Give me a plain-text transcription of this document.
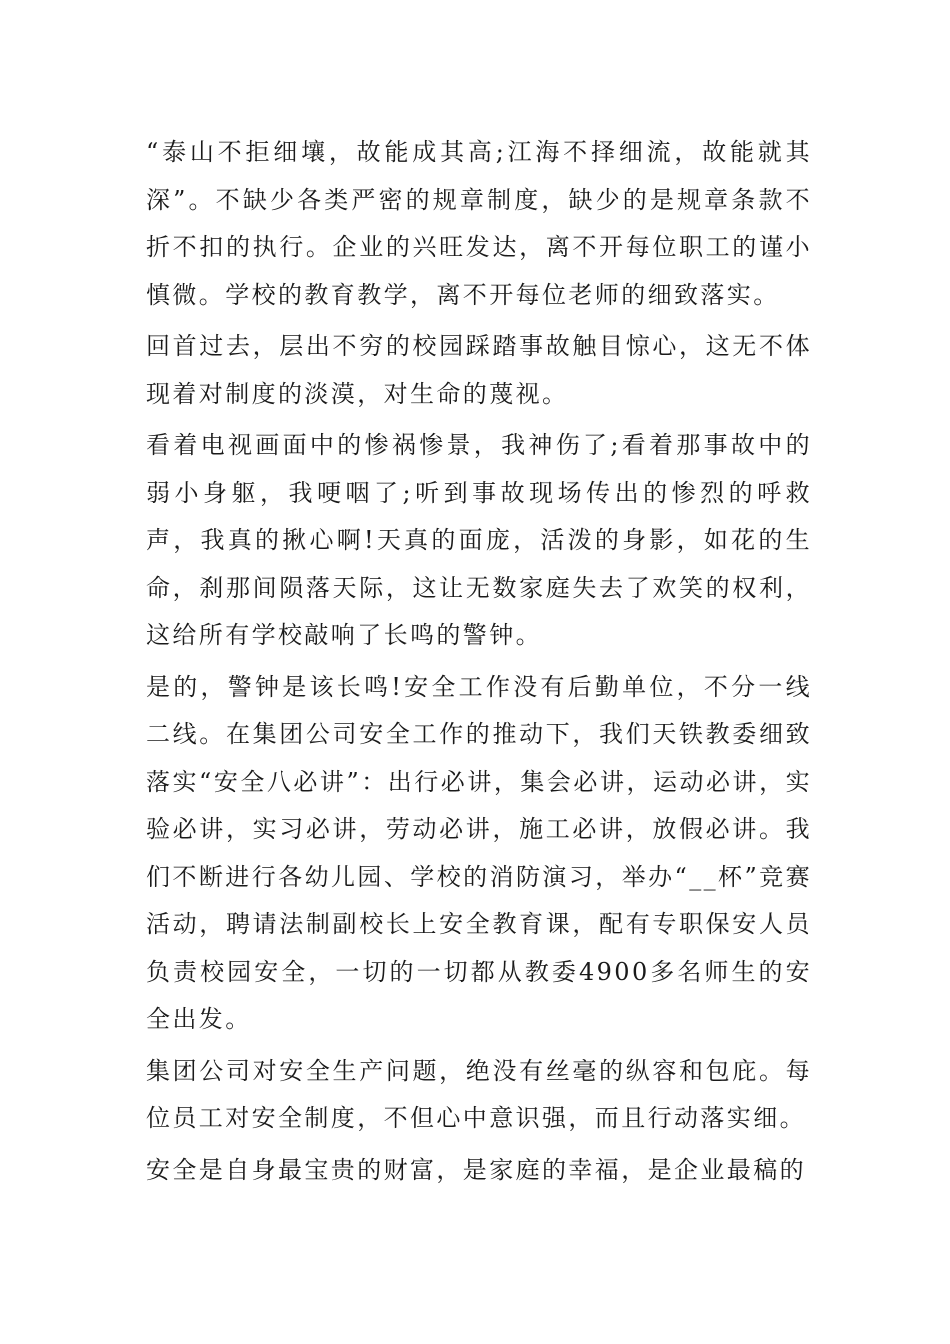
“泰山不拒细壤，故能成其高;江海不择细流，故能就其深”。不缺少各类严密的规章制度，缺少的是规章条款不折不扣的执行。企业的兴旺发达，离不开每位职工的谨小慎微。学校的教育教学，离不开每位老师的细致落实。

回首过去，层出不穷的校园踩踏事故触目惊心，这无不体现着对制度的淡漠，对生命的蔑视。

看着电视画面中的惨祸惨景，我神伤了;看着那事故中的弱小身躯，我哽咽了;听到事故现场传出的惨烈的呼救声，我真的揪心啊!天真的面庞，活泼的身影，如花的生命，刹那间陨落天际，这让无数家庭失去了欢笑的权利，这给所有学校敲响了长鸣的警钟。

是的，警钟是该长鸣!安全工作没有后勤单位，不分一线二线。在集团公司安全工作的推动下，我们天铁教委细致落实“安全八必讲”：出行必讲，集会必讲，运动必讲，实验必讲，实习必讲，劳动必讲，施工必讲，放假必讲。我们不断进行各幼儿园、学校的消防演习，举办“__杯”竞赛活动，聘请法制副校长上安全教育课，配有专职保安人员负责校园安全，一切的一切都从教委4900多名师生的安全出发。

集团公司对安全生产问题，绝没有丝毫的纵容和包庇。每位员工对安全制度，不但心中意识强，而且行动落实细。

安全是自身最宝贵的财富，是家庭的幸福，是企业最稿的
